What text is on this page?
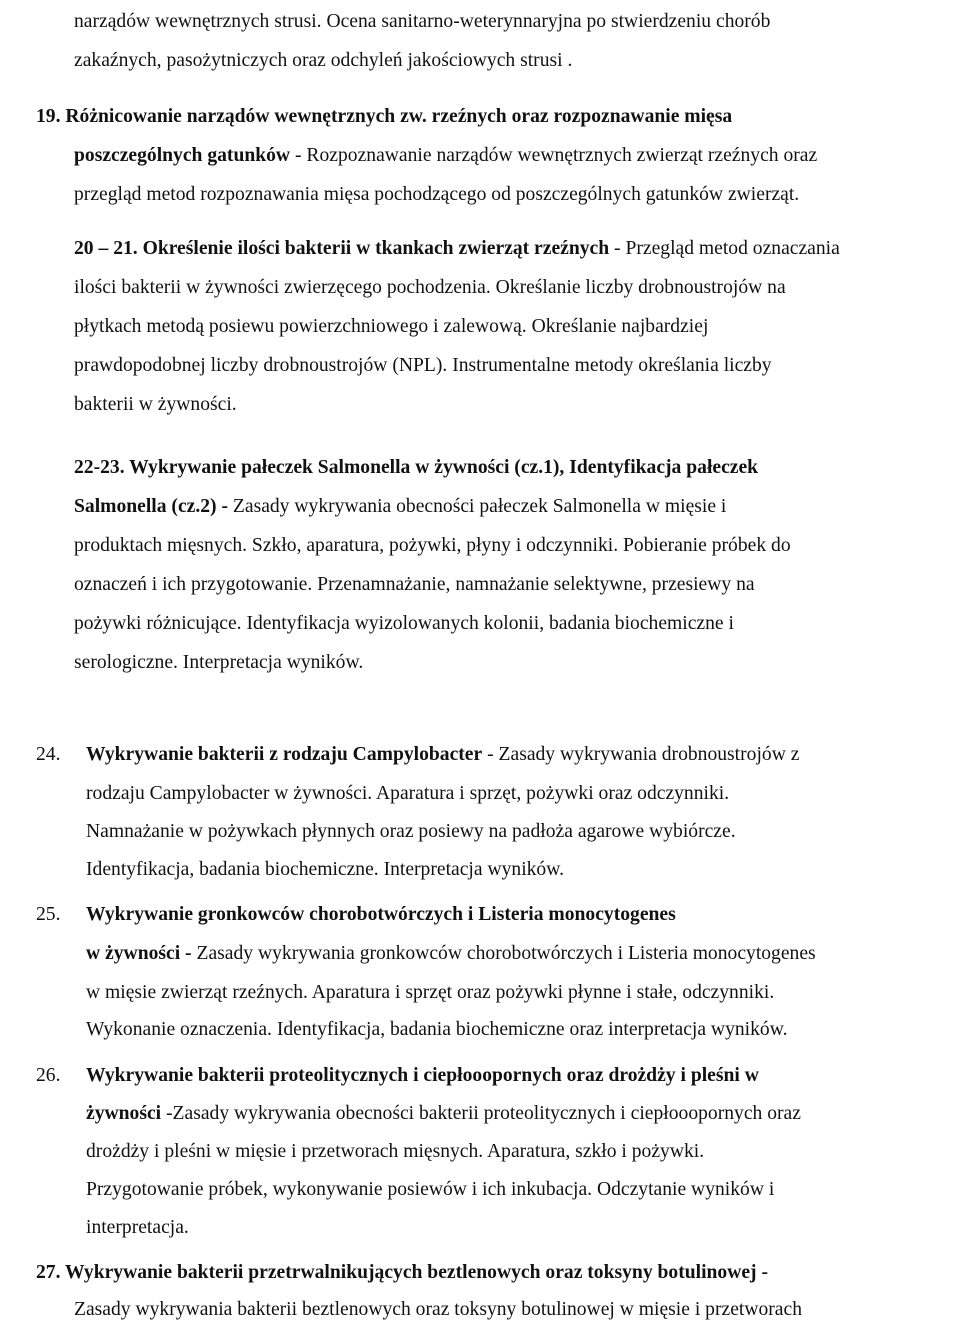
narządów wewnętrznych strusi. Ocena sanitarno-weterynnaryjna po stwierdzeniu chorób

zakaźnych, pasożytniczych oraz odchyleń jakościowych strusi .

19. Różnicowanie narządów wewnętrznych zw. rzeźnych oraz rozpoznawanie mięsa

poszczególnych gatunków - Rozpoznawanie narządów wewnętrznych zwierząt rzeźnych oraz

przegląd metod rozpoznawania mięsa pochodzącego od poszczególnych gatunków zwierząt.

20 – 21. Określenie ilości bakterii w tkankach zwierząt rzeźnych - Przegląd metod oznaczania

ilości bakterii w żywności zwierzęcego pochodzenia. Określanie liczby drobnoustrojów na

płytkach metodą posiewu powierzchniowego i zalewową. Określanie najbardziej

prawdopodobnej liczby drobnoustrojów (NPL). Instrumentalne metody określania liczby

bakterii w żywności.

22-23. Wykrywanie pałeczek Salmonella w żywności (cz.1), Identyfikacja pałeczek

Salmonella (cz.2) - Zasady wykrywania obecności pałeczek Salmonella w mięsie i

produktach mięsnych. Szkło, aparatura, pożywki, płyny i odczynniki. Pobieranie próbek do

oznaczeń i ich przygotowanie. Przenamnażanie, namnażanie selektywne, przesiewy na

pożywki różnicujące. Identyfikacja wyizolowanych kolonii, badania biochemiczne i

serologiczne. Interpretacja wyników.

24. Wykrywanie bakterii z rodzaju Campylobacter - Zasady wykrywania drobnoustrojów z

rodzaju Campylobacter w żywności. Aparatura i sprzęt, pożywki oraz odczynniki.

Namnażanie w pożywkach płynnych oraz posiewy na padłoża agarowe wybiórcze.

Identyfikacja, badania biochemiczne. Interpretacja wyników.

25. Wykrywanie gronkowców chorobotwórczych i Listeria monocytogenes

w żywności - Zasady wykrywania gronkowców chorobotwórczych i Listeria monocytogenes

w mięsie zwierząt rzeźnych. Aparatura i sprzęt oraz pożywki płynne i stałe, odczynniki.

Wykonanie oznaczenia. Identyfikacja, badania biochemiczne oraz interpretacja wyników.

26. Wykrywanie bakterii proteolitycznych i ciepłooopornych oraz drożdży i pleśni w

żywności -Zasady wykrywania obecności bakterii proteolitycznych i ciepłooopornych oraz

drożdży i pleśni w mięsie i przetworach mięsnych. Aparatura, szkło i pożywki.

Przygotowanie próbek, wykonywanie posiewów i ich inkubacja. Odczytanie wyników i

interpretacja.

27. Wykrywanie bakterii przetrwalnikujących beztlenowych oraz toksyny botulinowej -

Zasady wykrywania bakterii beztlenowych oraz toksyny botulinowej w mięsie i przetworach
